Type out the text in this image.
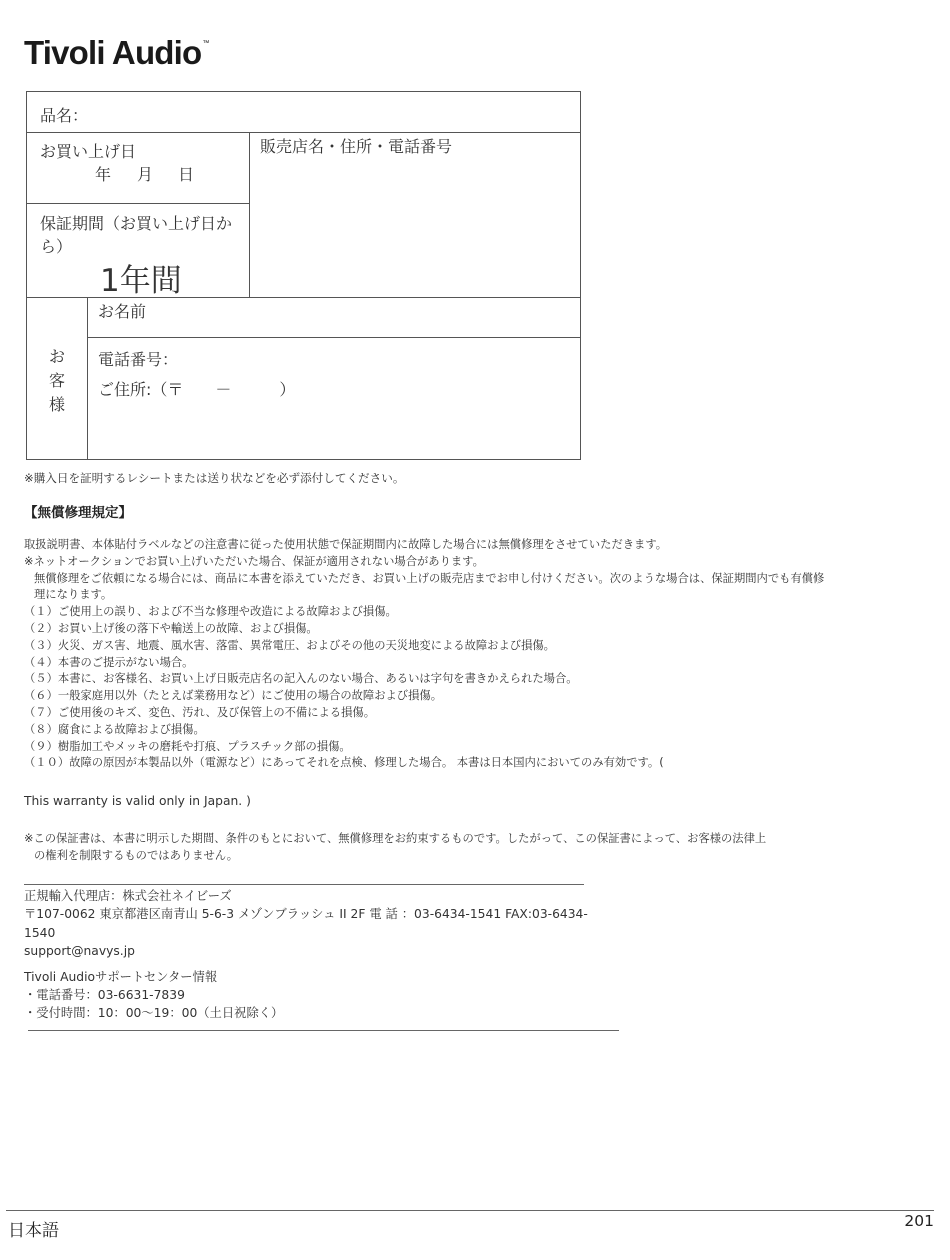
Tivoli Audio™
品名：
お買い上げ日
年 月 日
販売店名・住所・電話番号
保証期間（お買い上げ日か
ら）
1年間
お
客
様
お名前
電話番号：
ご住所:（〒　　－　　　）
※購入日を証明するレシートまたは送り状などを必ず添付してください。
【無償修理規定】
取扱説明書、本体貼付ラベルなどの注意書に従った使用状態で保証期間内に故障した場合には無償修理をさせていただきます。
※ネットオークションでお買い上げいただいた場合、保証が適用されない場合があります。
無償修理をご依頼になる場合には、商品に本書を添えていただき、お買い上げの販売店までお申し付けください。次のような場合は、保証期間内でも有償修
理になります。
（１）ご使用上の誤り、および不当な修理や改造による故障および損傷。
（２）お買い上げ後の落下や輸送上の故障、および損傷。
（３）火災、ガス害、地震、風水害、落雷、異常電圧、およびその他の天災地変による故障および損傷。
（４）本書のご提示がない場合。
（５）本書に、お客様名、お買い上げ日販売店名の記入んのない場合、あるいは字句を書きかえられた場合。
（６）一般家庭用以外（たとえば業務用など）にご使用の場合の故障および損傷。
（７）ご使用後のキズ、変色、汚れ、及び保管上の不備による損傷。
（８）腐食による故障および損傷。
（９）樹脂加工やメッキの磨耗や打痕、プラスチック部の損傷。
（１０）故障の原因が本製品以外（電源など）にあってそれを点検、修理した場合。 本書は日本国内においてのみ有効です。(
This warranty is valid only in Japan. )
※この保証書は、本書に明示した期間、条件のもとにおいて、無償修理をお約束するものです。したがって、この保証書によって、お客様の法律上
の権利を制限するものではありません。
正規輸入代理店：株式会社ネイビーズ
〒107-0062 東京都港区南青山 5-6-3 メゾンブラッシュ II 2F 電 話 ：03-6434-1541 FAX:03-6434-
1540
support@navys.jp
Tivoli Audioサポートセンター情報
・電話番号：03-6631-7839
・受付時間：10：00～19：00（土日祝除く）
日本語	201
